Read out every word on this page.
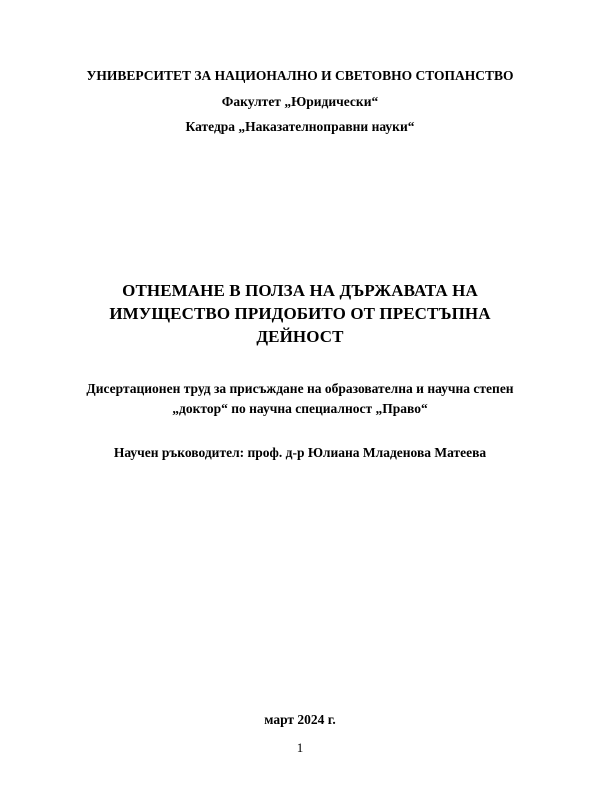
УНИВЕРСИТЕТ ЗА НАЦИОНАЛНО И СВЕТОВНО СТОПАНСТВО
Факултет „Юридически“
Катедра „Наказателноправни науки“
ОТНЕМАНЕ В ПОЛЗА НА ДЪРЖАВАТА НА
ИМУЩЕСТВО ПРИДОБИТО ОТ ПРЕСТЪПНА
ДЕЙНОСТ
Дисертационен труд за присъждане на образователна и научна степен
„доктор“ по научна специалност „Право“
Научен ръководител: проф. д-р Юлиана Младенова Матеева
март 2024 г.
1
